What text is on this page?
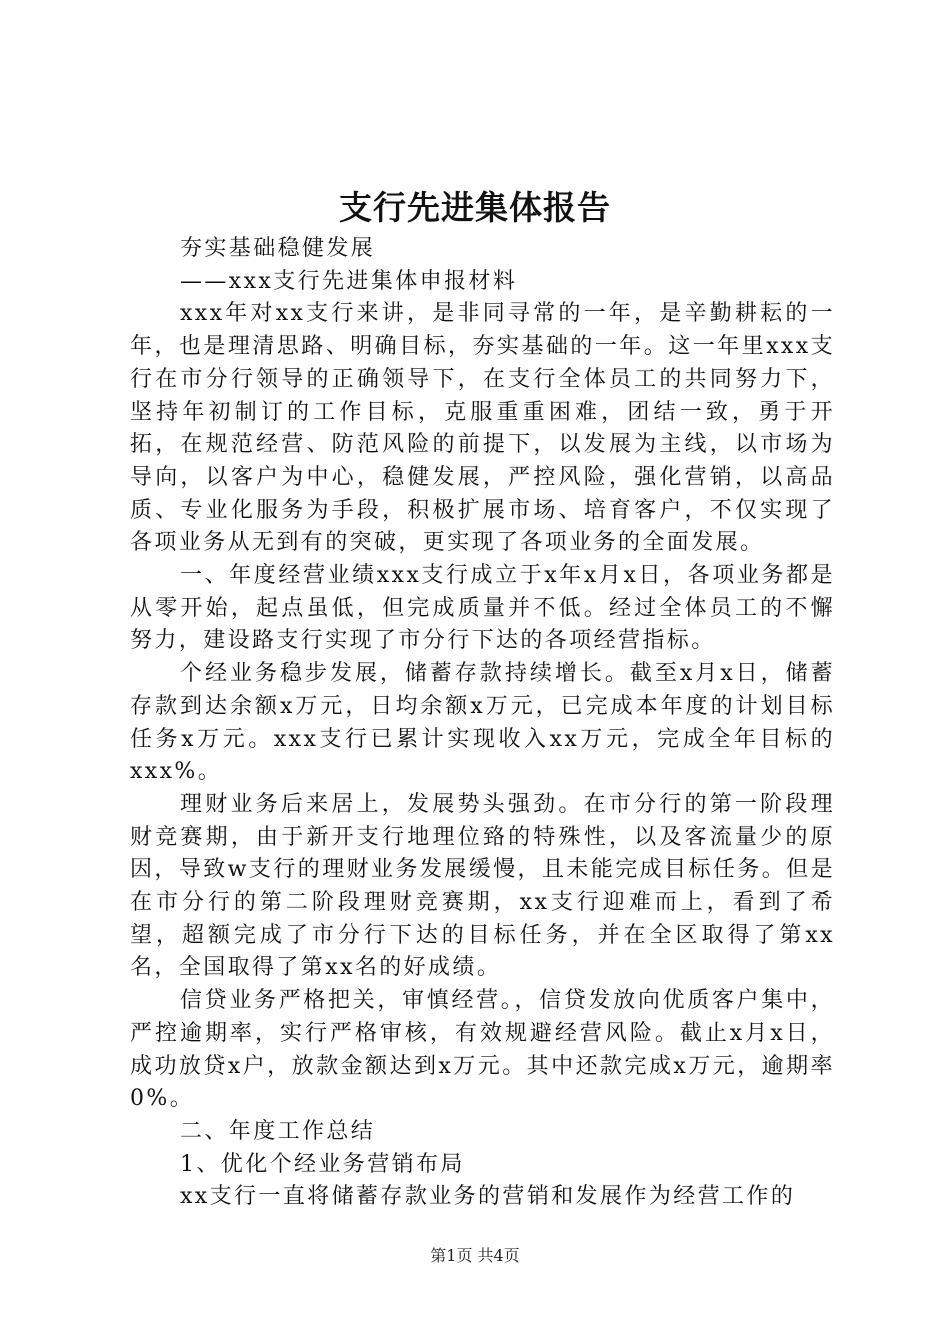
支行先进集体报告

夯实基础稳健发展

——xxx支行先进集体申报材料

xxx年对xx支行来讲，是非同寻常的一年，是辛勤耕耘的一年，也是理清思路、明确目标，夯实基础的一年。这一年里xxx支行在市分行领导的正确领导下，在支行全体员工的共同努力下，坚持年初制订的工作目标，克服重重困难，团结一致，勇于开拓，在规范经营、防范风险的前提下，以发展为主线，以市场为导向，以客户为中心，稳健发展，严控风险，强化营销，以高品质、专业化服务为手段，积极扩展市场、培育客户，不仅实现了各项业务从无到有的突破，更实现了各项业务的全面发展。

一、年度经营业绩xxx支行成立于x年x月x日，各项业务都是从零开始，起点虽低，但完成质量并不低。经过全体员工的不懈努力，建设路支行实现了市分行下达的各项经营指标。

个经业务稳步发展，储蓄存款持续增长。截至x月x日，储蓄存款到达余额x万元，日均余额x万元，已完成本年度的计划目标任务x万元。xxx支行已累计实现收入xx万元，完成全年目标的xxx%。

理财业务后来居上，发展势头强劲。在市分行的第一阶段理财竞赛期，由于新开支行地理位臵的特殊性，以及客流量少的原因，导致w支行的理财业务发展缓慢，且未能完成目标任务。但是在市分行的第二阶段理财竞赛期，xx支行迎难而上，看到了希望，超额完成了市分行下达的目标任务，并在全区取得了第xx名，全国取得了第xx名的好成绩。

信贷业务严格把关，审慎经营。，信贷发放向优质客户集中，严控逾期率，实行严格审核，有效规避经营风险。截止x月x日，成功放贷x户，放款金额达到x万元。其中还款完成x万元，逾期率0%。

二、年度工作总结

1、优化个经业务营销布局

xx支行一直将储蓄存款业务的营销和发展作为经营工作的

第1页 共4页
